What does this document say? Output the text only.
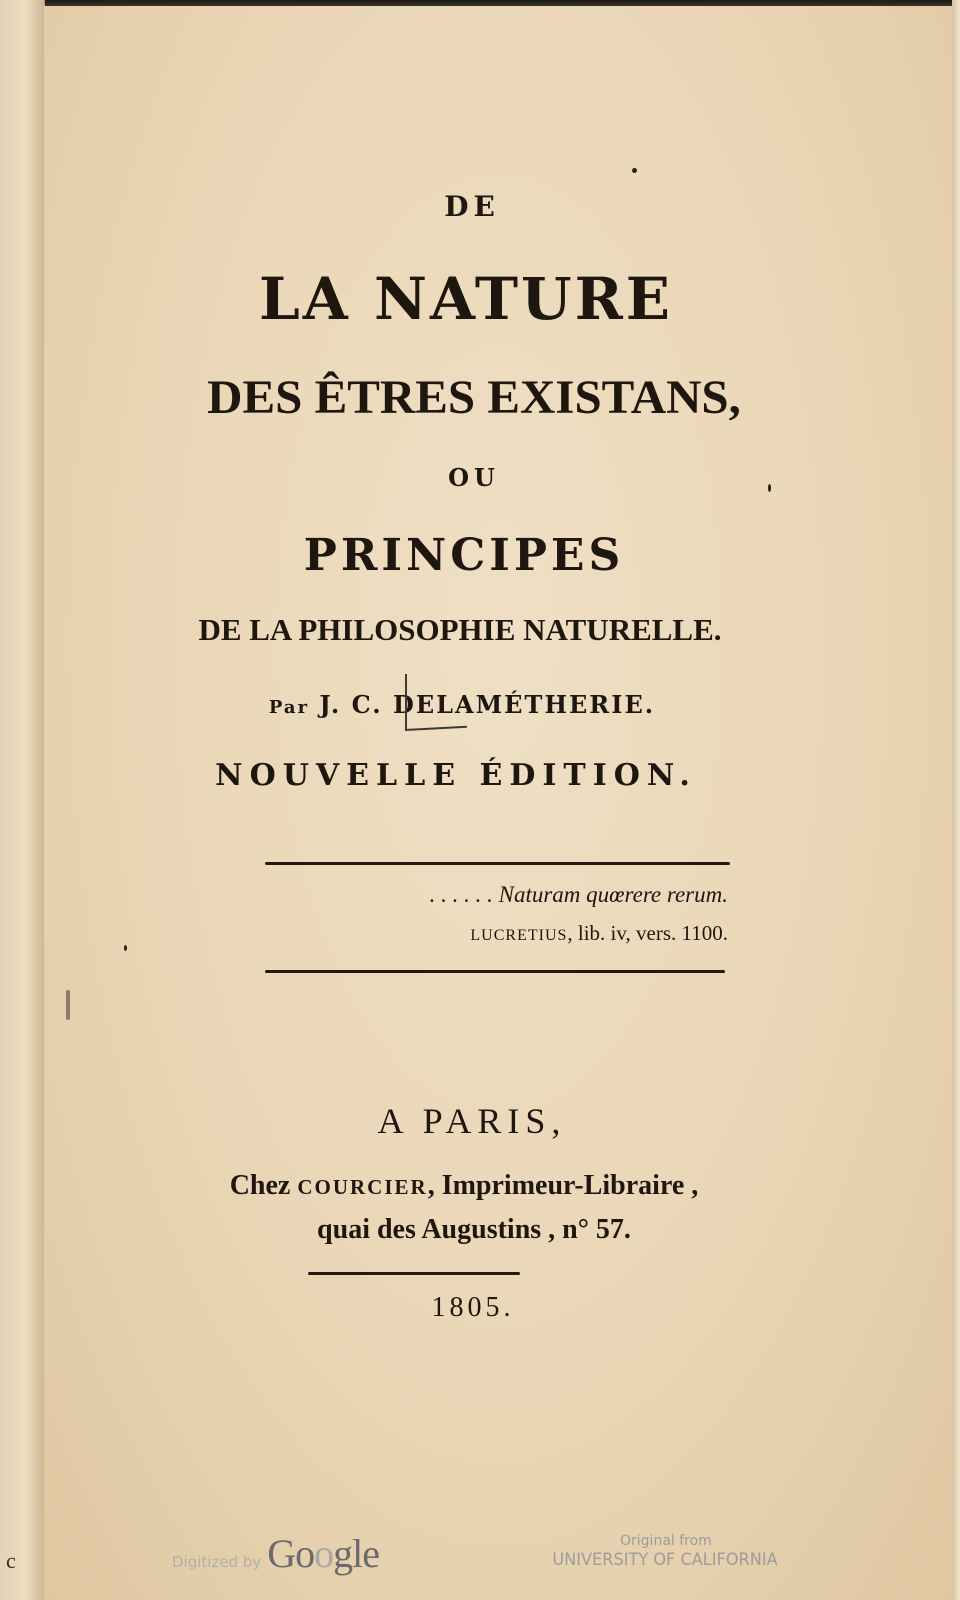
DE
LA NATURE
DES ÊTRES EXISTANS,
OU
PRINCIPES
DE LA PHILOSOPHIE NATURELLE.
Par J. C. DELAMÉTHERIE.
NOUVELLE ÉDITION.
. . . . . . Naturam quœrere rerum.
LUCRETIUS, lib. iv, vers. 1100.
A PARIS,
Chez COURCIER, Imprimeur-Libraire ,
quai des Augustins , n° 57.
1805.
c	Digitized by Google	Original from
UNIVERSITY OF CALIFORNIA
